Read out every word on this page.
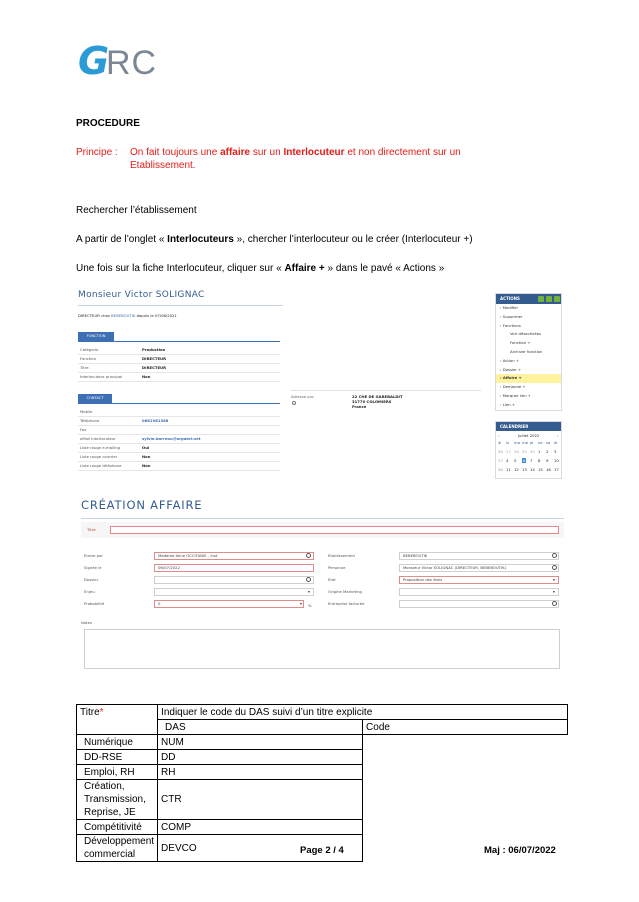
G
RC
PROCEDURE
Principe : On fait toujours une affaire sur un Interlocuteur et non directement sur un
Etablissement.
Rechercher l’établissement
A partir de l’onglet « Interlocuteurs », chercher l’interlocuteur ou le créer (Interlocuteur +)
Une fois sur la fiche Interlocuteur, cliquer sur « Affaire + » dans le pavé « Actions »
Monsieur Victor SOLIGNAC
DIRECTEUR chez BEBEBOUTIK depuis le 07/06/2021
FONCTION
Catégorie	Production
Fonction	DIRECTEUR
Titre	DIRECTEUR
Interlocuteur principal	Non
CONTACT
Mobile
Téléphone	0661981368
Fax
eMail Interlocuteur	sylvie.barreau@orgatel.net
Liste rouge e-mailing	Oui
Liste rouge courrier	Non
Liste rouge téléphone	Non
Adresse pro.	22 CHE DE GAREBALDIT
31770 COLOMIERS
France
ACTIONS
› Modifier
› Supprimer
› Fonctions
Voir désactivées
Fonction +
Archiver fonction
› Action +
› Dossier +
› Affaire +
› Demande +
› Marquer lien +
› Lien +
CALENDRIER
juillet 2022
‹	›
# lu ma me je ve sa di
26 27 28 29 30 1 2 3
27 4 5 6 7 8 9 10
28 11 12 13 14 15 16 17
CRÉATION AFFAIRE
Titre
Emise par	Madame Aline OCCITANIE - Inst
Signée le	06/07/2022
Dossier
Enjeu	▾
Probabilité	0	▾
Etablissement	BEBEBOUTIK
Personne	Monsieur Victor SOLIGNAC (DIRECTEUR, BEBEBOUTIK)
Etat	Proposition des émis	▾
Origine Marketing	▾
Entreprise facturée
%
Notes
Titre*	Indiquer le code du DAS suivi d’un titre explicite	
	DAS	Code
Numérique	NUM	
DD-RSE	DD	
Emploi, RH	RH	
Création, Transmission, Reprise, JE	CTR	
Compétitivité	COMP	
Développement commercial	DEVCO		Page 2 / 4	Maj : 06/07/2022
